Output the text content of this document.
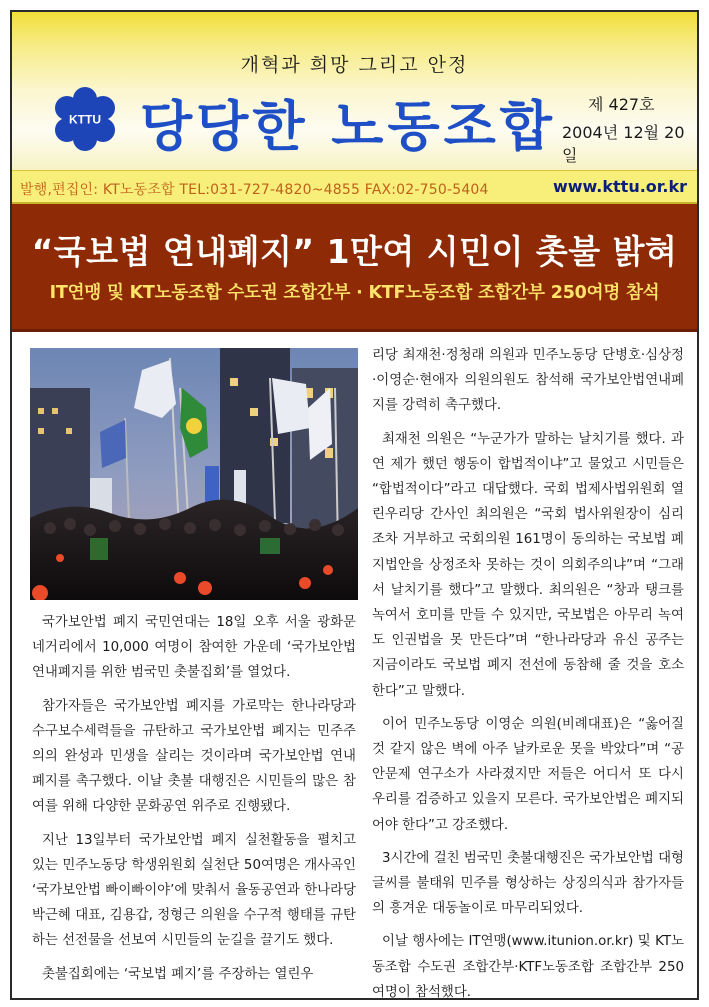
개혁과 희망 그리고 안정
KTTU 당당한 노동조합 제 427호
2004년 12월 20일
발행,편집인: KT노동조합 TEL:031-727-4820~4855 FAX:02-750-5404	www.kttu.or.kr
“국보법 연내폐지” 1만여 시민이 촛불 밝혀
IT연맹 및 KT노동조합 수도권 조합간부 · KTF노동조합 조합간부 250여명 참석

국가보안법 폐지 국민연대는 18일 오후 서울 광화문 네거리에서 10,000 여명이 참여한 가운데 ‘국가보안법 연내폐지를 위한 범국민 촛불집회’를 열었다.

참가자들은 국가보안법 폐지를 가로막는 한나라당과 수구보수세력들을 규탄하고 국가보안법 폐지는 민주주의의 완성과 민생을 살리는 것이라며 국가보안법 연내 폐지를 촉구했다. 이날 촛불 대행진은 시민들의 많은 참여를 위해 다양한 문화공연 위주로 진행됐다.

지난 13일부터 국가보안법 폐지 실천활동을 펼치고 있는 민주노동당 학생위원회 실천단 50여명은 개사곡인 ‘국가보안법 빠이빠이야’에 맞춰서 율동공연과 한나라당 박근혜 대표, 김용갑, 정형근 의원을 수구적 행태를 규탄하는 선전물을 선보여 시민들의 눈길을 끌기도 했다.

촛불집회에는 ‘국보법 폐지’를 주장하는 열린우

리당 최재천·정청래 의원과 민주노동당 단병호·심상정·이영순·현애자 의원의원도 참석해 국가보안법연내폐지를 강력히 촉구했다.

최재천 의원은 “누군가가 말하는 날치기를 했다. 과연 제가 했던 행동이 합법적이냐”고 물었고 시민들은 “합법적이다”라고 대답했다. 국회 법제사법위원회 열린우리당 간사인 최의원은 “국회 법사위원장이 심리조차 거부하고 국회의원 161명이 동의하는 국보법 폐지법안을 상정조차 못하는 것이 의회주의냐”며 “그래서 날치기를 했다”고 말했다. 최의원은 “창과 탱크를 녹여서 호미를 만들 수 있지만, 국보법은 아무리 녹여도 인권법을 못 만든다”며 “한나라당과 유신 공주는 지금이라도 국보법 폐지 전선에 동참해 줄 것을 호소한다”고 말했다.

이어 민주노동당 이영순 의원(비례대표)은 “옳어질 것 같지 않은 벽에 아주 날카로운 못을 박았다”며 “공안문제 연구소가 사라졌지만 저들은 어디서 또 다시 우리를 검증하고 있을지 모른다. 국가보안법은 폐지되어야 한다”고 강조했다.

3시간에 걸친 범국민 촛불대행진은 국가보안법 대형글씨를 불태워 민주를 형상하는 상징의식과 참가자들의 흥겨운 대동놀이로 마무리되었다.

이날 행사에는 IT연맹(www.itunion.or.kr) 및 KT노동조합 수도권 조합간부·KTF노동조합 조합간부 250여명이 참석했다.
